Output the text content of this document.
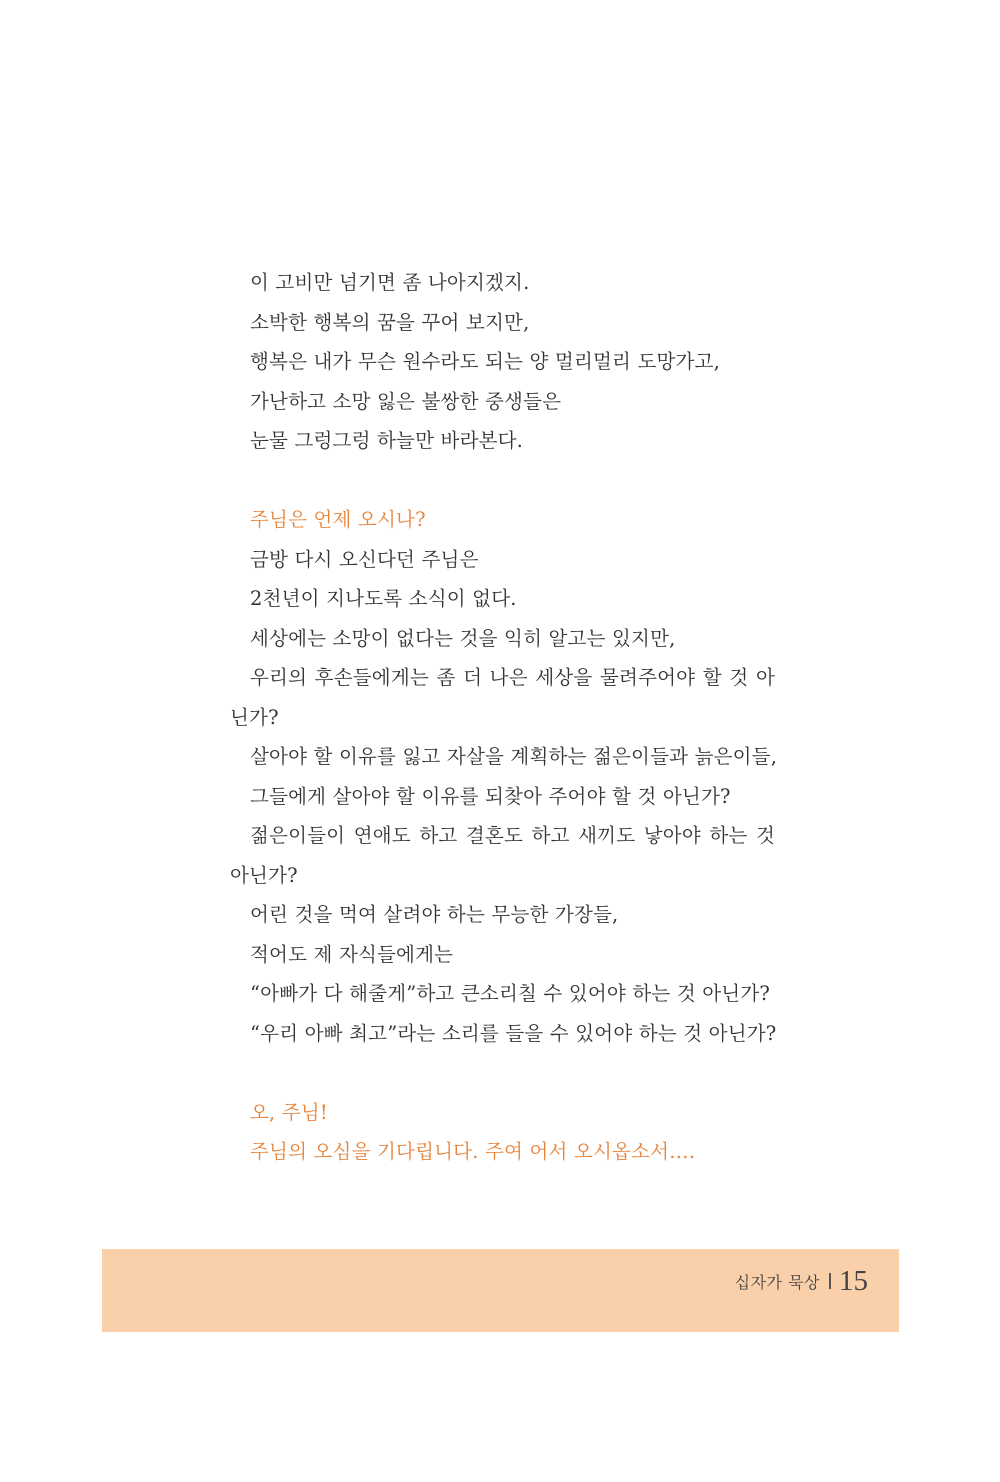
이 고비만 넘기면 좀 나아지겠지.
소박한 행복의 꿈을 꾸어 보지만,
행복은 내가 무슨 원수라도 되는 양 멀리멀리 도망가고,
가난하고 소망 잃은 불쌍한 중생들은
눈물 그렁그렁 하늘만 바라본다.
주님은 언제 오시나?
금방 다시 오신다던 주님은
2천년이 지나도록 소식이 없다.
세상에는 소망이 없다는 것을 익히 알고는 있지만,
우리의 후손들에게는 좀 더 나은 세상을 물려주어야 할 것 아
닌가?
살아야 할 이유를 잃고 자살을 계획하는 젊은이들과 늙은이들,
그들에게 살아야 할 이유를 되찾아 주어야 할 것 아닌가?
젊은이들이 연애도 하고 결혼도 하고 새끼도 낳아야 하는 것
아닌가?
어린 것을 먹여 살려야 하는 무능한 가장들,
적어도 제 자식들에게는
“아빠가 다 해줄게”하고 큰소리칠 수 있어야 하는 것 아닌가?
“우리 아빠 최고”라는 소리를 들을 수 있어야 하는 것 아닌가?
오, 주님!
주님의 오심을 기다립니다. 주여 어서 오시옵소서….
십자가 묵상 15
